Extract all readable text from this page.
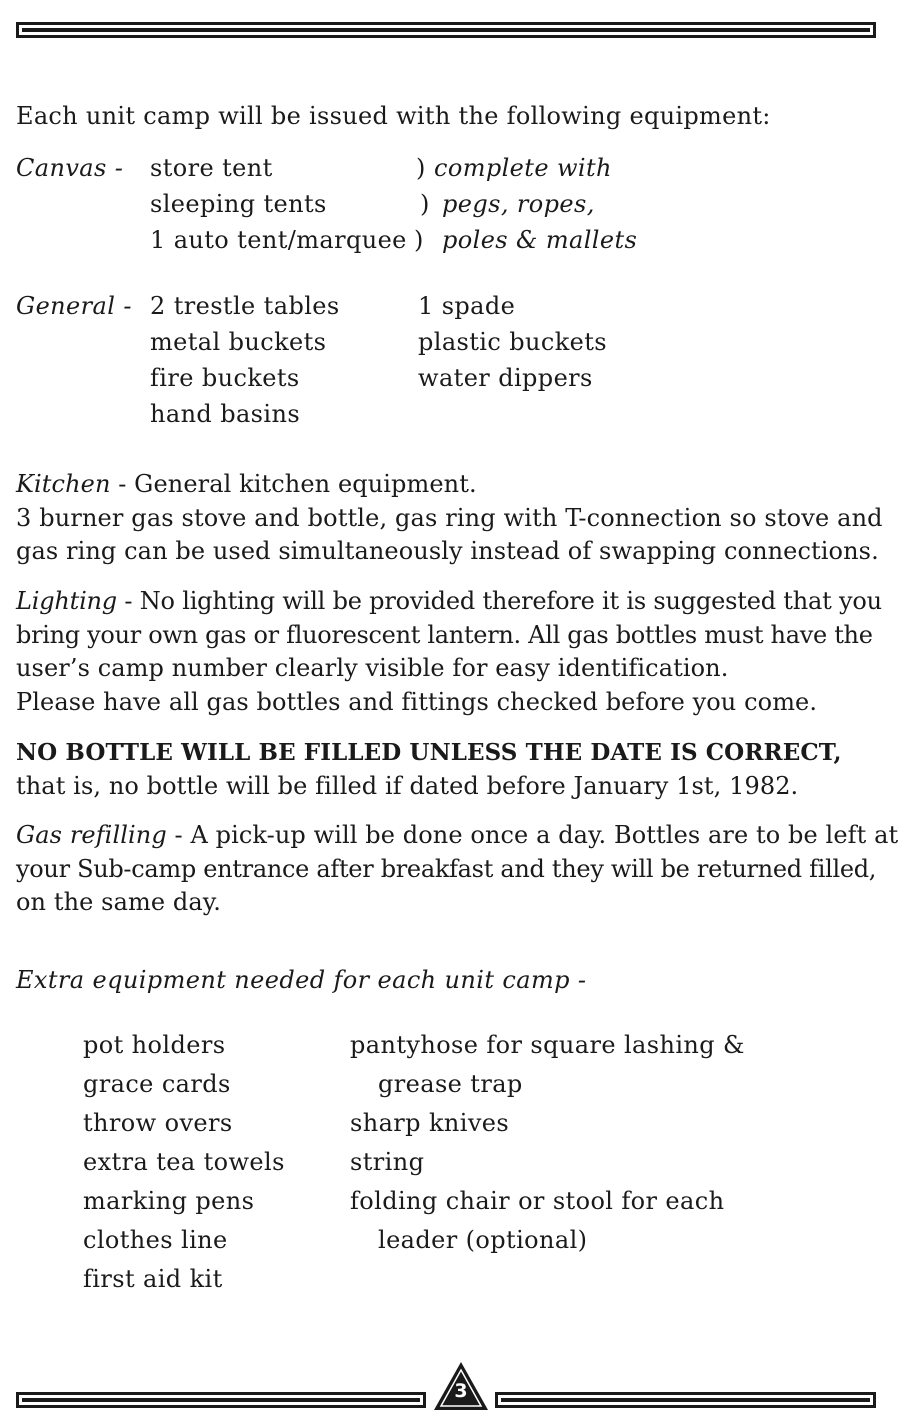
Each unit camp will be issued with the following equipment:
Canvas - store tent
sleeping tents
1 auto tent/marquee
)
)
)
complete with
pegs, ropes,
poles & mallets
General - 2 trestle tables
metal buckets
fire buckets
hand basins
1 spade
plastic buckets
water dippers

Kitchen - General kitchen equipment.

3 burner gas stove and bottle, gas ring with T-connection so stove and

gas ring can be used simultaneously instead of swapping connections.

Lighting - No lighting will be provided therefore it is suggested that you

bring your own gas or fluorescent lantern. All gas bottles must have the

user’s camp number clearly visible for easy identification.

Please have all gas bottles and fittings checked before you come.

NO BOTTLE WILL BE FILLED UNLESS THE DATE IS CORRECT,

that is, no bottle will be filled if dated before January 1st, 1982.

Gas refilling - A pick-up will be done once a day. Bottles are to be left at

your Sub-camp entrance after breakfast and they will be returned filled,

on the same day.

Extra equipment needed for each unit camp -
pot holders
grace cards
throw overs
extra tea towels
marking pens
clothes line
first aid kit
pantyhose for square lashing &
grease trap
sharp knives
string
folding chair or stool for each
leader (optional)
3
